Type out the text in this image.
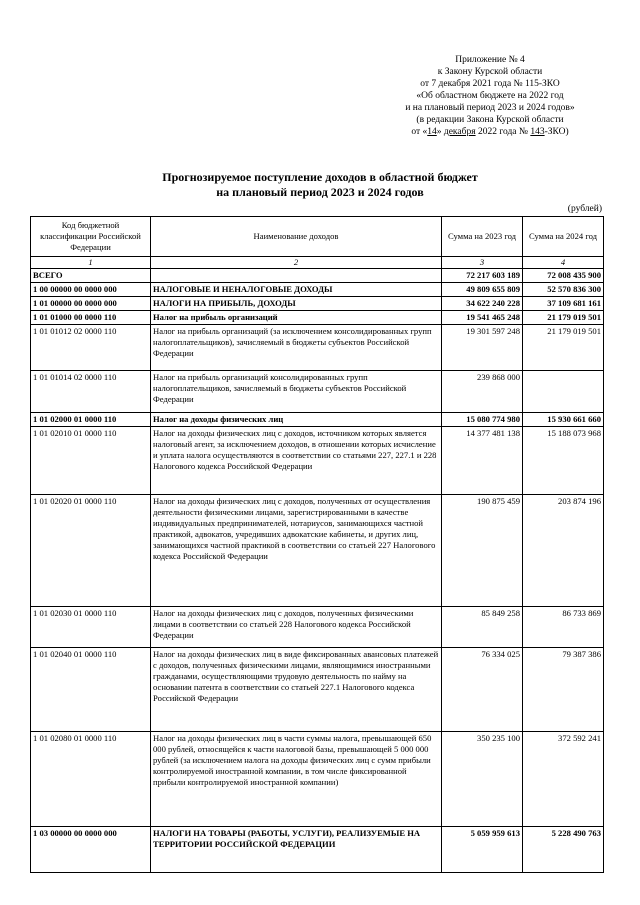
Приложение № 4
к Закону Курской области
от 7 декабря 2021 года № 115-ЗКО
«Об областном бюджете на 2022 год
и на плановый период 2023 и 2024 годов»
(в редакции Закона Курской области
от «14» декабря 2022 года № 143-ЗКО)
Прогнозируемое поступление доходов в областной бюджет
на плановый период 2023 и 2024 годов
(рублей)
Код бюджетной классификации Российской Федерации	Наименование доходов	Сумма на 2023 год	Сумма на 2024 год
1	2	3	4
ВСЕГО		72 217 603 189	72 008 435 900
1 00 00000 00 0000 000	НАЛОГОВЫЕ И НЕНАЛОГОВЫЕ ДОХОДЫ	49 809 655 809	52 570 836 300
1 01 00000 00 0000 000	НАЛОГИ НА ПРИБЫЛЬ, ДОХОДЫ	34 622 240 228	37 109 681 161
1 01 01000 00 0000 110	Налог на прибыль организаций	19 541 465 248	21 179 019 501
1 01 01012 02 0000 110	Налог на прибыль организаций (за исключением консолидированных групп налогоплательщиков), зачисляемый в бюджеты субъектов Российской Федерации	19 301 597 248	21 179 019 501
1 01 01014 02 0000 110	Налог на прибыль организаций консолидированных групп налогоплательщиков, зачисляемый в бюджеты субъектов Российской Федерации	239 868 000	
1 01 02000 01 0000 110	Налог на доходы физических лиц	15 080 774 980	15 930 661 660
1 01 02010 01 0000 110	Налог на доходы физических лиц с доходов, источником которых является налоговый агент, за исключением доходов, в отношении которых исчисление и уплата налога осуществляются в соответствии со статьями 227, 227.1 и 228 Налогового кодекса Российской Федерации	14 377 481 138	15 188 073 968
1 01 02020 01 0000 110	Налог на доходы физических лиц с доходов, полученных от осуществления деятельности физическими лицами, зарегистрированными в качестве индивидуальных предпринимателей, нотариусов, занимающихся частной практикой, адвокатов, учредивших адвокатские кабинеты, и других лиц, занимающихся частной практикой в соответствии со статьей 227 Налогового кодекса Российской Федерации	190 875 459	203 874 196
1 01 02030 01 0000 110	Налог на доходы физических лиц с доходов, полученных физическими лицами в соответствии со статьей 228 Налогового кодекса Российской Федерации	85 849 258	86 733 869
1 01 02040 01 0000 110	Налог на доходы физических лиц в виде фиксированных авансовых платежей с доходов, полученных физическими лицами, являющимися иностранными гражданами, осуществляющими трудовую деятельность по найму на основании патента в соответствии со статьей 227.1 Налогового кодекса Российской Федерации	76 334 025	79 387 386
1 01 02080 01 0000 110	Налог на доходы физических лиц в части суммы налога, превышающей 650 000 рублей, относящейся к части налоговой базы, превышающей 5 000 000 рублей (за исключением налога на доходы физических лиц с сумм прибыли контролируемой иностранной компании, в том числе фиксированной прибыли контролируемой иностранной компании)	350 235 100	372 592 241
1 03 00000 00 0000 000	НАЛОГИ НА ТОВАРЫ (РАБОТЫ, УСЛУГИ), РЕАЛИЗУЕМЫЕ НА ТЕРРИТОРИИ РОССИЙСКОЙ ФЕДЕРАЦИИ	5 059 959 613	5 228 490 763
